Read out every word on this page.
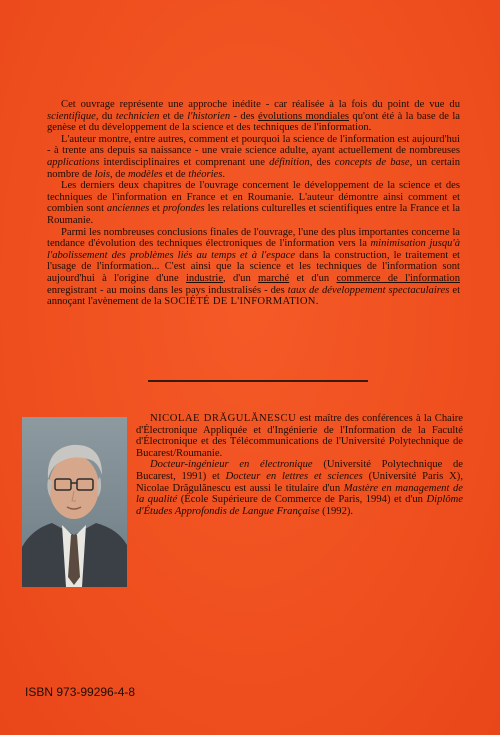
Cet ouvrage représente une approche inédite - car réalisée à la fois du point de vue du scientifique, du technicien et de l'historien - des évolutions mondiales qu'ont été à la base de la genèse et du développement de la science et des techniques de l'information.

L'auteur montre, entre autres, comment et pourquoi la science de l'information est aujourd'hui - à trente ans depuis sa naissance - une vraie science adulte, ayant actuellement de nombreuses applications interdisciplinaires et comprenant une définition, des concepts de base, un certain nombre de lois, de modèles et de théories.

Les derniers deux chapitres de l'ouvrage concernent le développement de la science et des techniques de l'information en France et en Roumanie. L'auteur démontre ainsi comment et combien sont anciennes et profondes les relations culturelles et scientifiques entre la France et la Roumanie.

Parmi les nombreuses conclusions finales de l'ouvrage, l'une des plus importantes concerne la tendance d'évolution des techniques électroniques de l'information vers la minimisation jusqu'à l'abolissement des problèmes liés au temps et à l'espace dans la construction, le traitement et l'usage de l'information... C'est ainsi que la science et les techniques de l'information sont aujourd'hui à l'origine d'une industrie, d'un marché et d'un commerce de l'information enregistrant - au moins dans les pays industralisés - des taux de développement spectaculaires et annoçant l'avènement de la SOCIÉTÉ DE L'INFORMATION.

NICOLAE DRĂGULĂNESCU est maître des conférences à la Chaire d'Électronique Appliquée et d'Ingénierie de l'Information de la Faculté d'Électronique et des Télécommunications de l'Université Polytechnique de Bucarest/Roumanie.

Docteur-ingénieur en électronique (Université Polytechnique de Bucarest, 1991) et Docteur en lettres et sciences (Université Paris X), Nicolae Drăgulănescu est aussi le titulaire d'un Mastère en management de la qualité (École Supérieure de Commerce de Paris, 1994) et d'un Diplôme d'Études Approfondis de Langue Française (1992).

ISBN 973-99296-4-8
